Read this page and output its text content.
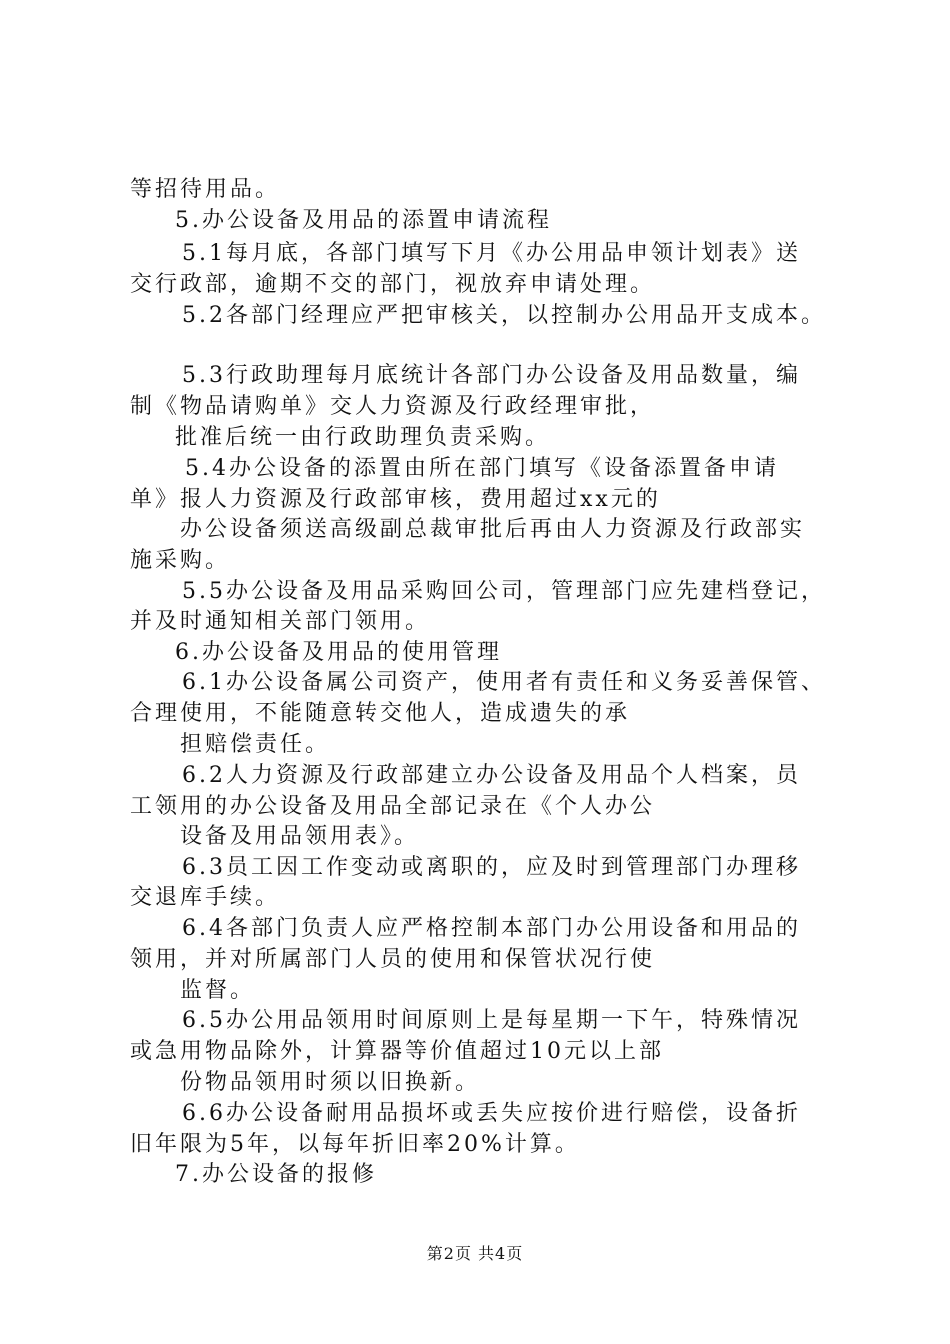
等招待用品。
5.办公设备及用品的添置申请流程
5.1每月底，各部门填写下月《办公用品申领计划表》送
交行政部，逾期不交的部门，视放弃申请处理。
5.2各部门经理应严把审核关，以控制办公用品开支成本。
5.3行政助理每月底统计各部门办公设备及用品数量，编
制《物品请购单》交人力资源及行政经理审批，
批准后统一由行政助理负责采购。
5.4办公设备的添置由所在部门填写《设备添置备申请
单》报人力资源及行政部审核，费用超过xx元的
办公设备须送高级副总裁审批后再由人力资源及行政部实
施采购。
5.5办公设备及用品采购回公司，管理部门应先建档登记，
并及时通知相关部门领用。
6.办公设备及用品的使用管理
6.1办公设备属公司资产，使用者有责任和义务妥善保管、
合理使用，不能随意转交他人，造成遗失的承
担赔偿责任。
6.2人力资源及行政部建立办公设备及用品个人档案，员
工领用的办公设备及用品全部记录在《个人办公
设备及用品领用表》。
6.3员工因工作变动或离职的，应及时到管理部门办理移
交退库手续。
6.4各部门负责人应严格控制本部门办公用设备和用品的
领用，并对所属部门人员的使用和保管状况行使
监督。
6.5办公用品领用时间原则上是每星期一下午，特殊情况
或急用物品除外，计算器等价值超过10元以上部
份物品领用时须以旧换新。
6.6办公设备耐用品损坏或丢失应按价进行赔偿，设备折
旧年限为5年，以每年折旧率20%计算。
7.办公设备的报修
第2页 共4页
